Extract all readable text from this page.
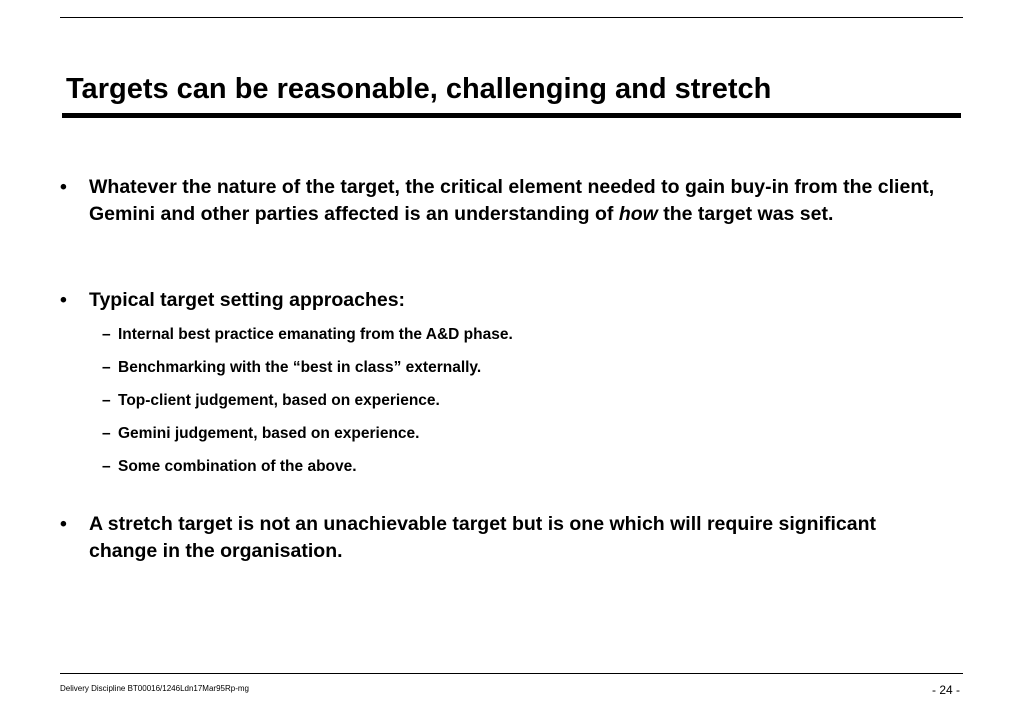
Targets can be reasonable, challenging and stretch
•	Whatever the nature of the target, the critical element needed to gain buy-in from the client, Gemini and other parties affected is an understanding of how the target was set.
•	Typical target setting approaches:
– Internal best practice emanating from the A&D phase.
– Benchmarking with the “best in class” externally.
– Top-client judgement, based on experience.
– Gemini judgement, based on experience.
– Some combination of the above.
•	A stretch target is not an unachievable target but is one which will require significant change in the organisation.
Delivery Discipline BT00016/1246Ldn17Mar95Rp-mg	- 24 -
